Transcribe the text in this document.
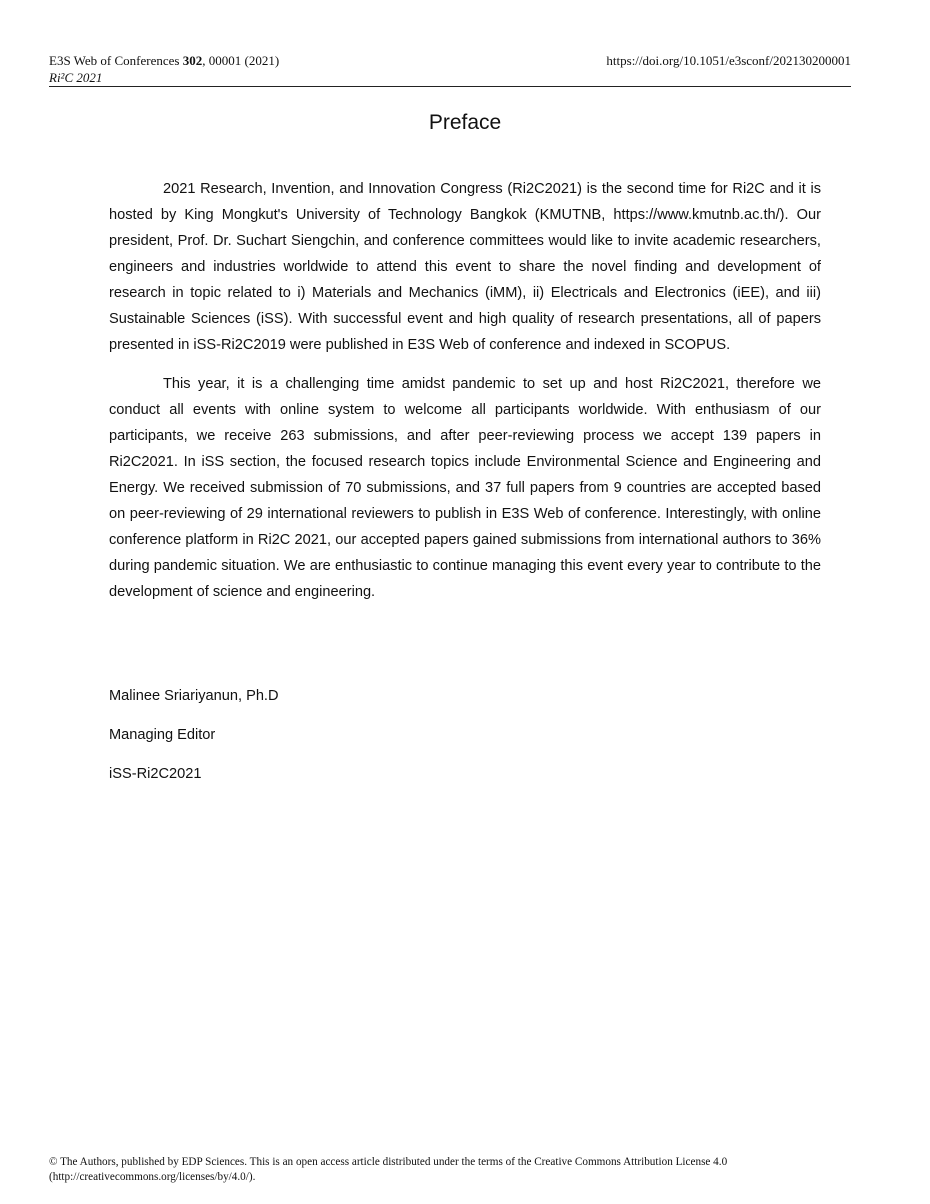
E3S Web of Conferences 302, 00001 (2021)	https://doi.org/10.1051/e3sconf/202130200001
Ri²C 2021
Preface

2021 Research, Invention, and Innovation Congress (Ri2C2021) is the second time for Ri2C and it is hosted by King Mongkut's University of Technology Bangkok (KMUTNB, https://www.kmutnb.ac.th/). Our president, Prof. Dr. Suchart Siengchin, and conference committees would like to invite academic researchers, engineers and industries worldwide to attend this event to share the novel finding and development of research in topic related to i) Materials and Mechanics (iMM), ii) Electricals and Electronics (iEE), and iii) Sustainable Sciences (iSS). With successful event and high quality of research presentations, all of papers presented in iSS-Ri2C2019 were published in E3S Web of conference and indexed in SCOPUS.

This year, it is a challenging time amidst pandemic to set up and host Ri2C2021, therefore we conduct all events with online system to welcome all participants worldwide. With enthusiasm of our participants, we receive 263 submissions, and after peer-reviewing process we accept 139 papers in Ri2C2021. In iSS section, the focused research topics include Environmental Science and Engineering and Energy. We received submission of 70 submissions, and 37 full papers from 9 countries are accepted based on peer-reviewing of 29 international reviewers to publish in E3S Web of conference. Interestingly, with online conference platform in Ri2C 2021, our accepted papers gained submissions from international authors to 36% during pandemic situation. We are enthusiastic to continue managing this event every year to contribute to the development of science and engineering.

Malinee Sriariyanun, Ph.D
Managing Editor
iSS-Ri2C2021
© The Authors, published by EDP Sciences. This is an open access article distributed under the terms of the Creative Commons Attribution License 4.0
(http://creativecommons.org/licenses/by/4.0/).
